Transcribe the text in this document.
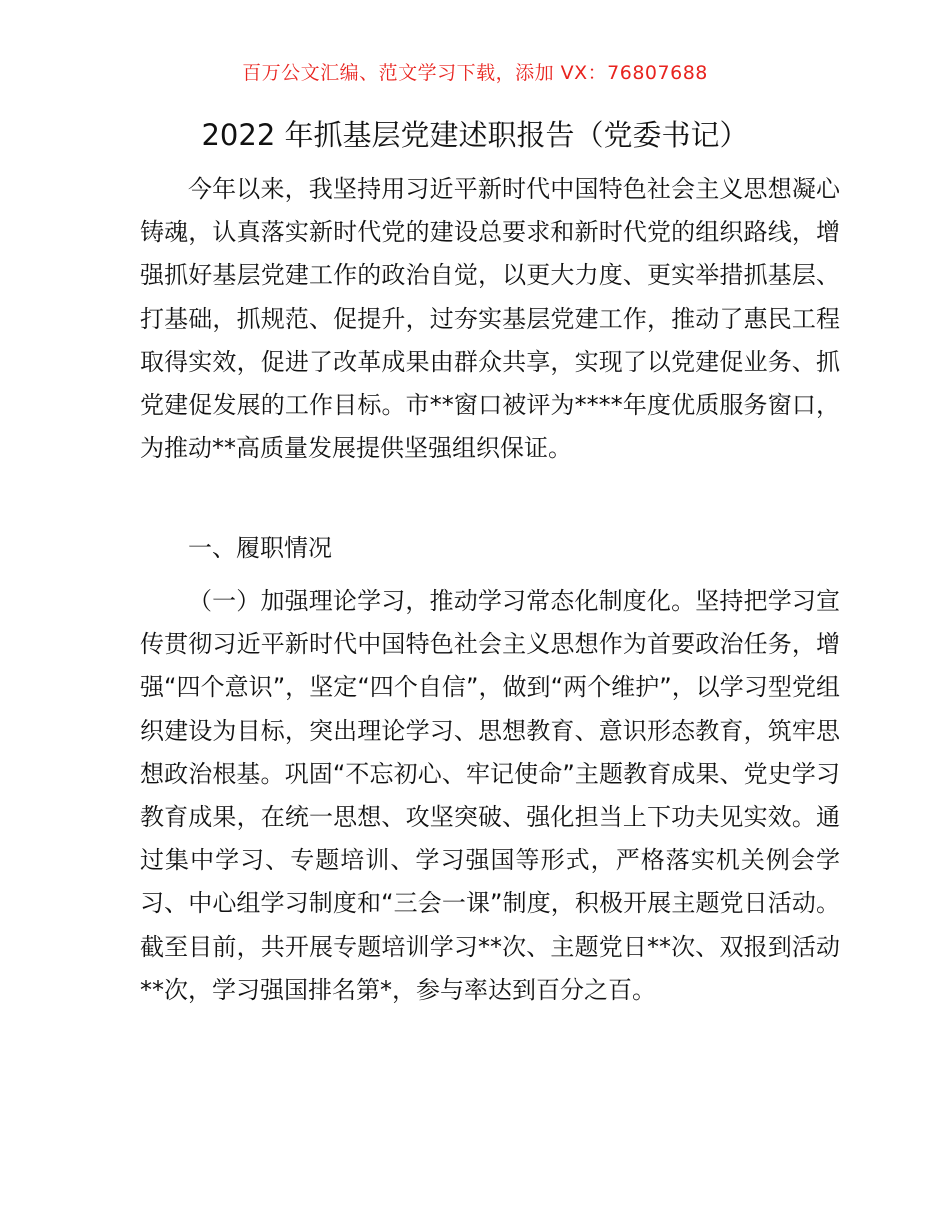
百万公文汇编、范文学习下载，添加 VX：76807688
2022 年抓基层党建述职报告（党委书记）

今年以来，我坚持用习近平新时代中国特色社会主义思想凝心铸魂，认真落实新时代党的建设总要求和新时代党的组织路线，增强抓好基层党建工作的政治自觉，以更大力度、更实举措抓基层、打基础，抓规范、促提升，过夯实基层党建工作，推动了惠民工程取得实效，促进了改革成果由群众共享，实现了以党建促业务、抓党建促发展的工作目标。市**窗口被评为****年度优质服务窗口，为推动**高质量发展提供坚强组织保证。

一、履职情况

（一）加强理论学习，推动学习常态化制度化。坚持把学习宣传贯彻习近平新时代中国特色社会主义思想作为首要政治任务，增强“四个意识”，坚定“四个自信”，做到“两个维护”，以学习型党组织建设为目标，突出理论学习、思想教育、意识形态教育，筑牢思想政治根基。巩固“不忘初心、牢记使命”主题教育成果、党史学习教育成果，在统一思想、攻坚突破、强化担当上下功夫见实效。通过集中学习、专题培训、学习强国等形式，严格落实机关例会学习、中心组学习制度和“三会一课”制度，积极开展主题党日活动。截至目前，共开展专题培训学习**次、主题党日**次、双报到活动**次，学习强国排名第*，参与率达到百分之百。
